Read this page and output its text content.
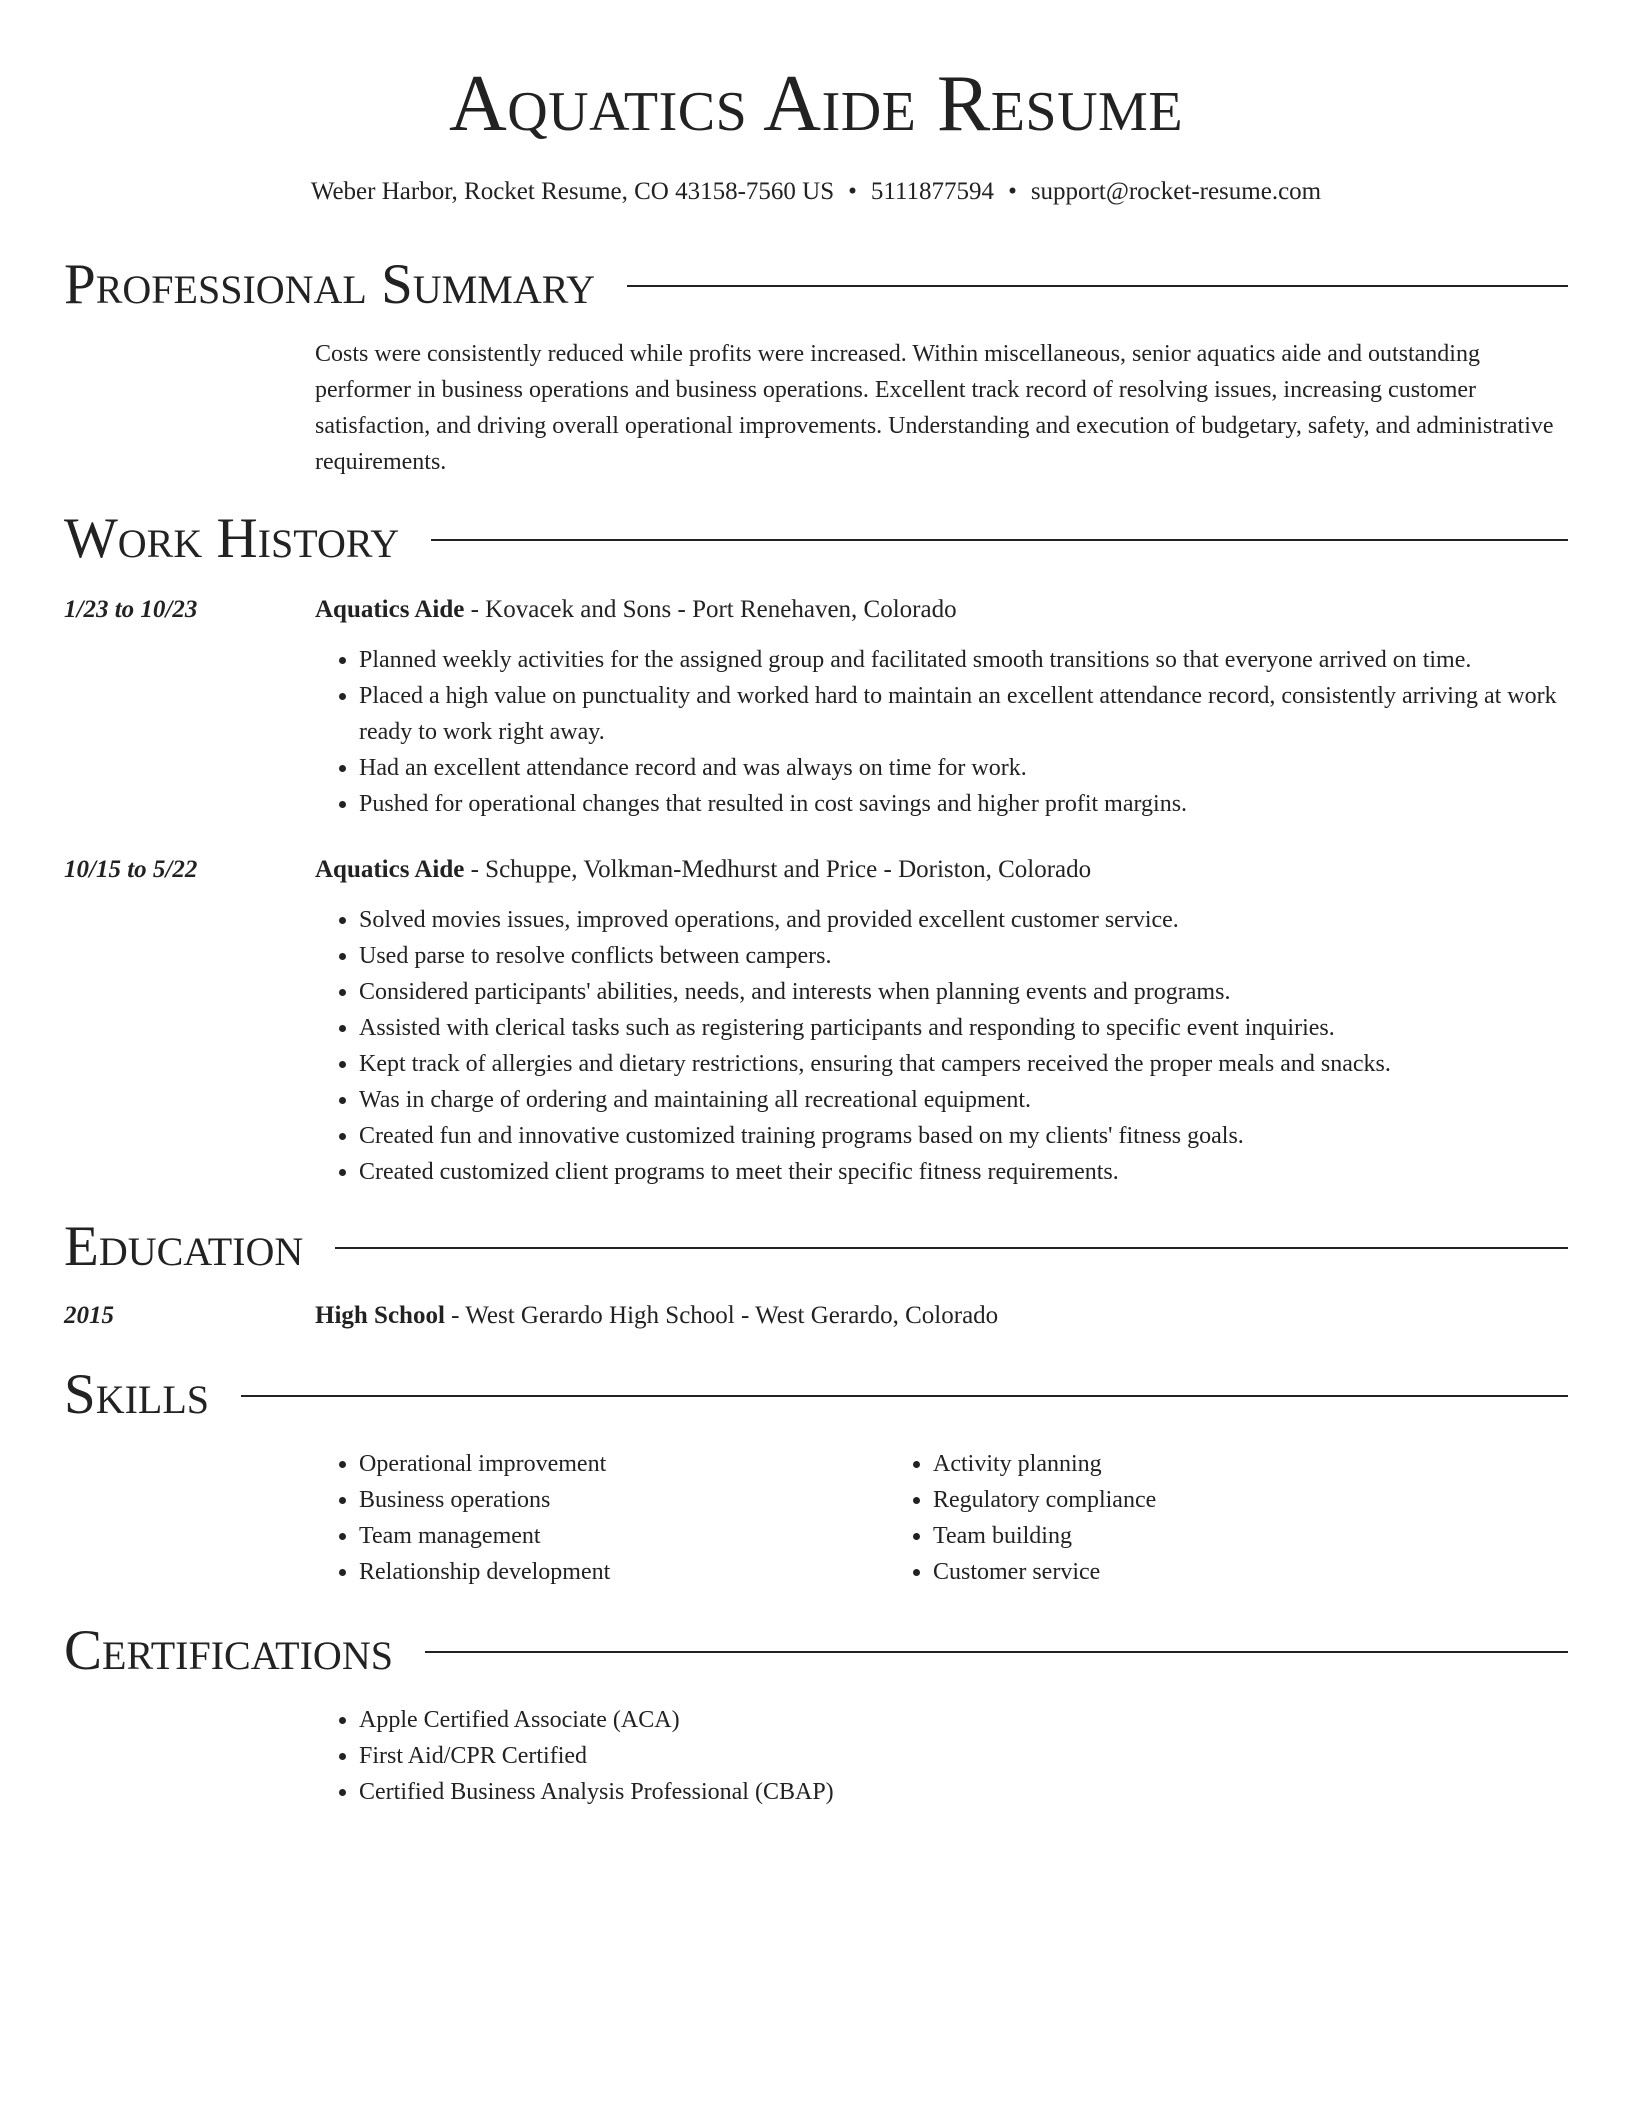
Aquatics Aide Resume
Weber Harbor, Rocket Resume, CO 43158-7560 US • 5111877594 • support@rocket-resume.com
Professional Summary
Costs were consistently reduced while profits were increased. Within miscellaneous, senior aquatics aide and outstanding performer in business operations and business operations. Excellent track record of resolving issues, increasing customer satisfaction, and driving overall operational improvements. Understanding and execution of budgetary, safety, and administrative requirements.
Work History
1/23 to 10/23	Aquatics Aide - Kovacek and Sons - Port Renehaven, Colorado
• Planned weekly activities for the assigned group and facilitated smooth transitions so that everyone arrived on time.
• Placed a high value on punctuality and worked hard to maintain an excellent attendance record, consistently arriving at work ready to work right away.
• Had an excellent attendance record and was always on time for work.
• Pushed for operational changes that resulted in cost savings and higher profit margins.
10/15 to 5/22	Aquatics Aide - Schuppe, Volkman-Medhurst and Price - Doriston, Colorado
• Solved movies issues, improved operations, and provided excellent customer service.
• Used parse to resolve conflicts between campers.
• Considered participants' abilities, needs, and interests when planning events and programs.
• Assisted with clerical tasks such as registering participants and responding to specific event inquiries.
• Kept track of allergies and dietary restrictions, ensuring that campers received the proper meals and snacks.
• Was in charge of ordering and maintaining all recreational equipment.
• Created fun and innovative customized training programs based on my clients' fitness goals.
• Created customized client programs to meet their specific fitness requirements.
Education
2015	High School - West Gerardo High School - West Gerardo, Colorado
Skills
• Operational improvement
• Business operations
• Team management
• Relationship development
• Activity planning
• Regulatory compliance
• Team building
• Customer service
Certifications
• Apple Certified Associate (ACA)
• First Aid/CPR Certified
• Certified Business Analysis Professional (CBAP)
